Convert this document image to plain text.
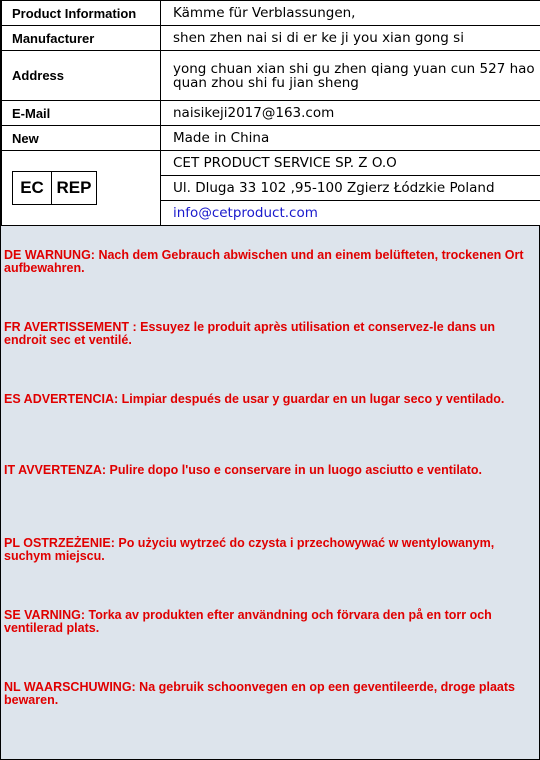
Product Information	Kämme für Verblassungen,
Manufacturer	shen zhen nai si di er ke ji you xian gong si
Address	yong chuan xian shi gu zhen qiang yuan cun 527 hao quan zhou shi fu jian sheng
E-Mail	naisikeji2017@163.com
New	Made in China

EC REP	CET PRODUCT SERVICE SP. Z O.O
	Ul. Dluga 33 102 ,95-100 Zgierz Łódzkie Poland
	info@cetproduct.com
DE WARNUNG: Nach dem Gebrauch abwischen und an einem belüfteten, trockenen Ort aufbewahren.
FR AVERTISSEMENT : Essuyez le produit après utilisation et conservez-le dans un endroit sec et ventilé.
ES ADVERTENCIA: Limpiar después de usar y guardar en un lugar seco y ventilado.
IT AVVERTENZA: Pulire dopo l'uso e conservare in un luogo asciutto e ventilato.
PL OSTRZEŻENIE: Po użyciu wytrzeć do czysta i przechowywać w wentylowanym, suchym miejscu.
SE VARNING: Torka av produkten efter användning och förvara den på en torr och ventilerad plats.
NL WAARSCHUWING: Na gebruik schoonvegen en op een geventileerde, droge plaats bewaren.
